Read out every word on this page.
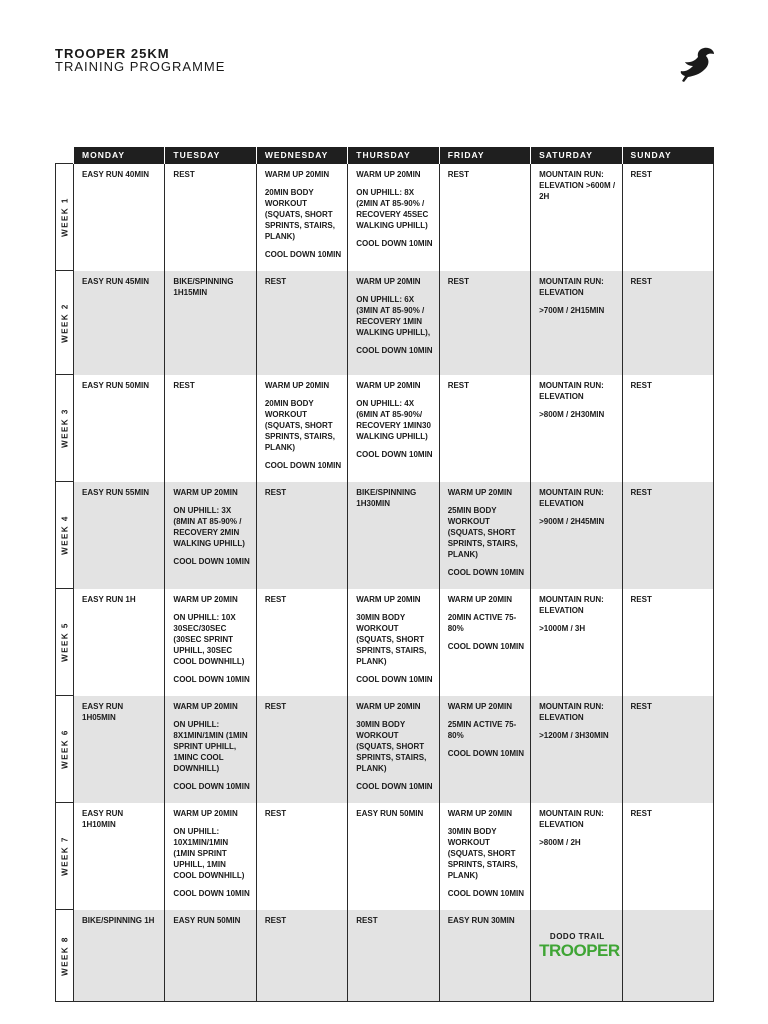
TROOPER 25KM
TRAINING PROGRAMME
	MONDAY	TUESDAY	WEDNESDAY	THURSDAY	FRIDAY	SATURDAY	SUNDAY

WEEK 1	EASY RUN 40MIN	REST	WARM UP 20MIN
20MIN BODY WORKOUT (SQUATS, SHORT SPRINTS, STAIRS, PLANK)
COOL DOWN 10MIN	WARM UP 20MIN
ON UPHILL: 8X (2MIN AT 85-90% / RECOVERY 45SEC WALKING UPHILL)
COOL DOWN 10MIN	REST	MOUNTAIN RUN: ELEVATION >600M / 2H	REST

WEEK 2	EASY RUN 45MIN	BIKE/SPINNING 1H15MIN	REST	WARM UP 20MIN
ON UPHILL: 6X (3MIN AT 85-90% / RECOVERY 1MIN WALKING UPHILL),
COOL DOWN 10MIN	REST	MOUNTAIN RUN: ELEVATION
>700M / 2H15MIN	REST

WEEK 3	EASY RUN 50MIN	REST	WARM UP 20MIN
20MIN BODY WORKOUT (SQUATS, SHORT SPRINTS, STAIRS, PLANK)
COOL DOWN 10MIN	WARM UP 20MIN
ON UPHILL: 4X (6MIN AT 85-90%/ RECOVERY 1MIN30 WALKING UPHILL)
COOL DOWN 10MIN	REST	MOUNTAIN RUN: ELEVATION
>800M / 2H30MIN	REST

WEEK 4	EASY RUN 55MIN	WARM UP 20MIN
ON UPHILL: 3X (8MIN AT 85-90% / RECOVERY 2MIN WALKING UPHILL)
COOL DOWN 10MIN	REST	BIKE/SPINNING 1H30MIN	WARM UP 20MIN
25MIN BODY WORKOUT (SQUATS, SHORT SPRINTS, STAIRS, PLANK)
COOL DOWN 10MIN	MOUNTAIN RUN: ELEVATION
>900M / 2H45MIN	REST

WEEK 5	EASY RUN 1H	WARM UP 20MIN
ON UPHILL: 10X 30SEC/30SEC (30SEC SPRINT UPHILL, 30SEC COOL DOWNHILL)
COOL DOWN 10MIN	REST	WARM UP 20MIN
30MIN BODY WORKOUT (SQUATS, SHORT SPRINTS, STAIRS, PLANK)
COOL DOWN 10MIN	WARM UP 20MIN
20MIN ACTIVE 75-80%
COOL DOWN 10MIN	MOUNTAIN RUN: ELEVATION
>1000M / 3H	REST

WEEK 6	EASY RUN 1H05MIN	WARM UP 20MIN
ON UPHILL: 8X1MIN/1MIN (1MIN SPRINT UPHILL, 1MINC COOL DOWNHILL)
COOL DOWN 10MIN	REST	WARM UP 20MIN
30MIN BODY WORKOUT (SQUATS, SHORT SPRINTS, STAIRS, PLANK)
COOL DOWN 10MIN	WARM UP 20MIN
25MIN ACTIVE 75-80%
COOL DOWN 10MIN	MOUNTAIN RUN: ELEVATION
>1200M / 3H30MIN	REST

WEEK 7	EASY RUN 1H10MIN	WARM UP 20MIN
ON UPHILL: 10X1MIN/1MIN (1MIN SPRINT UPHILL, 1MIN COOL DOWNHILL)
COOL DOWN 10MIN	REST	EASY RUN 50MIN	WARM UP 20MIN
30MIN BODY WORKOUT (SQUATS, SHORT SPRINTS, STAIRS, PLANK)
COOL DOWN 10MIN	MOUNTAIN RUN: ELEVATION
>800M / 2H	REST

WEEK 8	BIKE/SPINNING 1H	EASY RUN 50MIN	REST	REST	EASY RUN 30MIN	DODO TRAIL
TROOPER	
